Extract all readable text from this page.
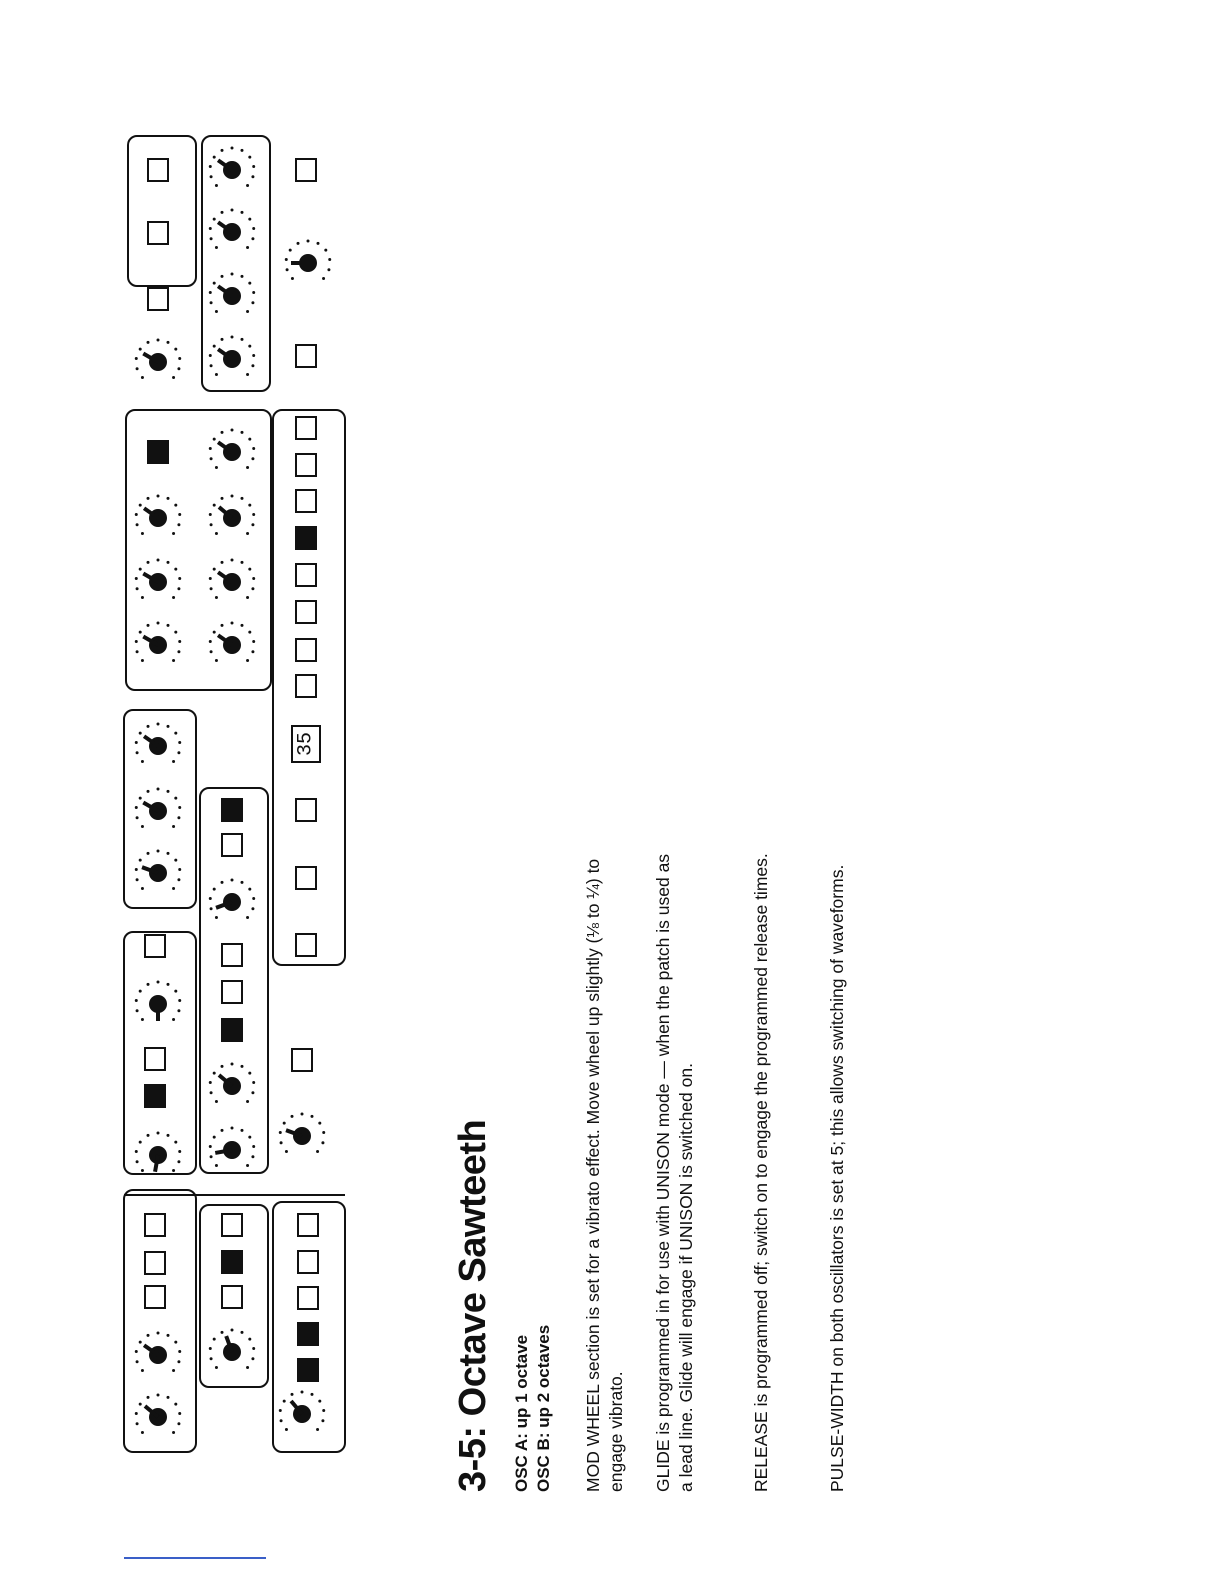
35
3-5: Octave Sawteeth OSC A: up 1 octave OSC B: up 2 octaves MOD WHEEL section is set for a vibrato effect. Move wheel up slightly (⅛ to ¼) to engage vibrato. GLIDE is programmed in for use with UNISON mode — when the patch is used as a lead line. Glide will engage if UNISON is switched on.	RELEASE is programmed off; switch on to engage the programmed release times.	PULSE-WIDTH on both oscillators is set at 5; this allows switching of waveforms.
